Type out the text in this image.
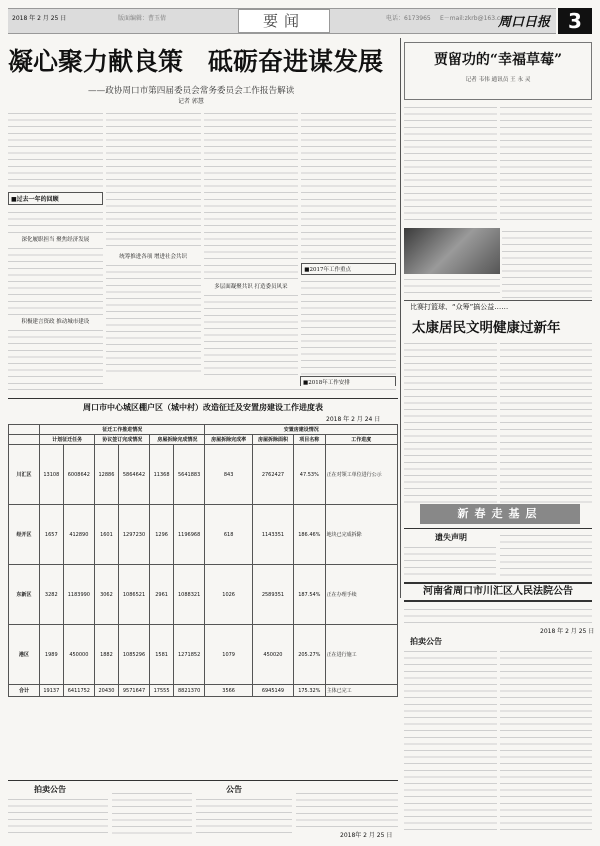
2018 年 2 月 25 日	版面编辑：曹玉倩	要闻	电话：6173965 E－mail:zkrb@163.com
周口日报 3
凝心聚力献良策　砥砺奋进谋发展
——政协周口市第四届委员会常务委员会工作报告解读
记者 郭慧
■过去一年的回顾
深化履职担当 聚焦经济发展
积极建言资政 推动城市建设
统筹推进各项 增进社会共识
多层面凝聚共识 打造委员风采
■2017年工作重点
■2018年工作安排
贾留功的“幸福草莓”
记者 韦伟 通讯员 王 永 灵
比赛打篮球、“众筹”搞公益……
太康居民文明健康过新年
新春走基层
遗失声明
河南省周口市川汇区人民法院公告
2018 年 2 月 25 日
拍卖公告
周口市中心城区棚户区（城中村）改造征迁及安置房建设工作进度表
2018 年 2 月 24 日
	征迁工作推进情况						安置房建设情况			
	计划征迁任务		协议签订完成情况		房屋拆除完成情况		房屋拆除完成率	房屋拆除面积	项目名称	工作进度
川汇区	13108	6008642	12886	5864642	11368	5641883	843	2762427	47.53%	正在对领工单位进行公示
经开区	1657	412890	1601	1297230	1296	1196968	618	1143351	186.46%	地块已完成拆除
东新区	3282	1183990	3062	1086521	2961	1088321	1026	2589351	187.54%	正在办理手续
港区	1989	450000	1882	1085296	1581	1271852	1079	450020	205.27%	正在进行施工
合计	19137	6411752	20430	9571647	17555	8821370	3566	6945149	175.32%	主体已完工
拍卖公告	公告
2018年 2 月 25 日
